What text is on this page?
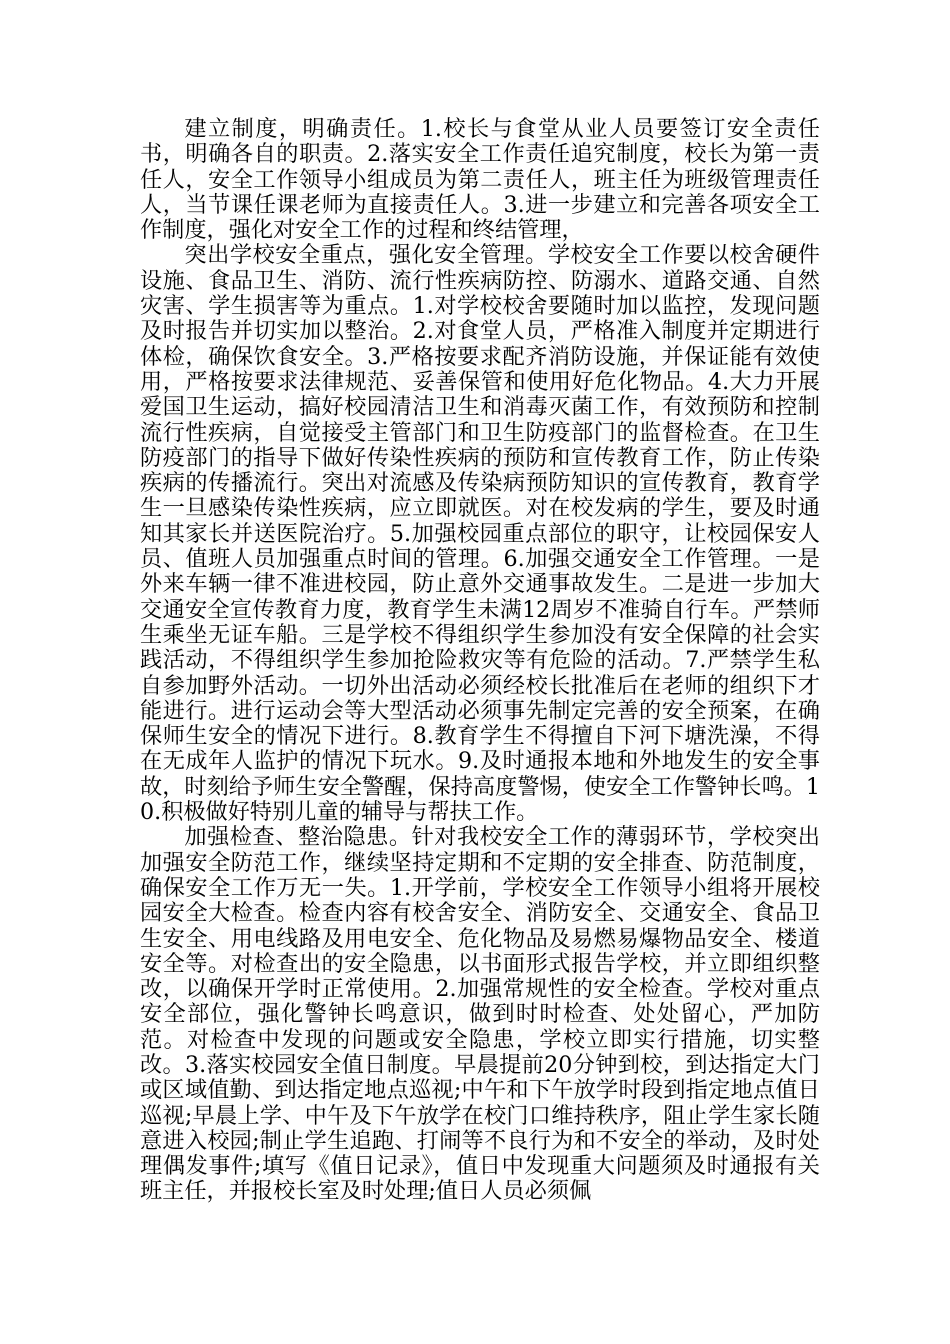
建立制度，明确责任。1.校长与食堂从业人员要签订安全责任书，明确各自的职责。2.落实安全工作责任追究制度，校长为第一责任人，安全工作领导小组成员为第二责任人，班主任为班级管理责任人，当节课任课老师为直接责任人。3.进一步建立和完善各项安全工作制度，强化对安全工作的过程和终结管理，

突出学校安全重点，强化安全管理。学校安全工作要以校舍硬件设施、食品卫生、消防、流行性疾病防控、防溺水、道路交通、自然灾害、学生损害等为重点。1.对学校校舍要随时加以监控，发现问题及时报告并切实加以整治。2.对食堂人员，严格准入制度并定期进行体检，确保饮食安全。3.严格按要求配齐消防设施，并保证能有效使用，严格按要求法律规范、妥善保管和使用好危化物品。4.大力开展爱国卫生运动，搞好校园清洁卫生和消毒灭菌工作，有效预防和控制流行性疾病，自觉接受主管部门和卫生防疫部门的监督检查。在卫生防疫部门的指导下做好传染性疾病的预防和宣传教育工作，防止传染疾病的传播流行。突出对流感及传染病预防知识的宣传教育，教育学生一旦感染传染性疾病，应立即就医。对在校发病的学生，要及时通知其家长并送医院治疗。5.加强校园重点部位的职守，让校园保安人员、值班人员加强重点时间的管理。6.加强交通安全工作管理。一是外来车辆一律不准进校园，防止意外交通事故发生。二是进一步加大交通安全宣传教育力度，教育学生未满12周岁不准骑自行车。严禁师生乘坐无证车船。三是学校不得组织学生参加没有安全保障的社会实践活动，不得组织学生参加抢险救灾等有危险的活动。7.严禁学生私自参加野外活动。一切外出活动必须经校长批准后在老师的组织下才能进行。进行运动会等大型活动必须事先制定完善的安全预案，在确保师生安全的情况下进行。8.教育学生不得擅自下河下塘洗澡，不得在无成年人监护的情况下玩水。9.及时通报本地和外地发生的安全事故，时刻给予师生安全警醒，保持高度警惕，使安全工作警钟长鸣。10.积极做好特别儿童的辅导与帮扶工作。

加强检查、整治隐患。针对我校安全工作的薄弱环节，学校突出加强安全防范工作，继续坚持定期和不定期的安全排查、防范制度，确保安全工作万无一失。1.开学前，学校安全工作领导小组将开展校园安全大检查。检查内容有校舍安全、消防安全、交通安全、食品卫生安全、用电线路及用电安全、危化物品及易燃易爆物品安全、楼道安全等。对检查出的安全隐患，以书面形式报告学校，并立即组织整改，以确保开学时正常使用。2.加强常规性的安全检查。学校对重点安全部位，强化警钟长鸣意识，做到时时检查、处处留心，严加防范。对检查中发现的问题或安全隐患，学校立即实行措施，切实整改。3.落实校园安全值日制度。早晨提前20分钟到校，到达指定大门或区域值勤、到达指定地点巡视;中午和下午放学时段到指定地点值日巡视;早晨上学、中午及下午放学在校门口维持秩序，阻止学生家长随意进入校园;制止学生追跑、打闹等不良行为和不安全的举动，及时处理偶发事件;填写《值日记录》，值日中发现重大问题须及时通报有关班主任，并报校长室及时处理;值日人员必须佩
